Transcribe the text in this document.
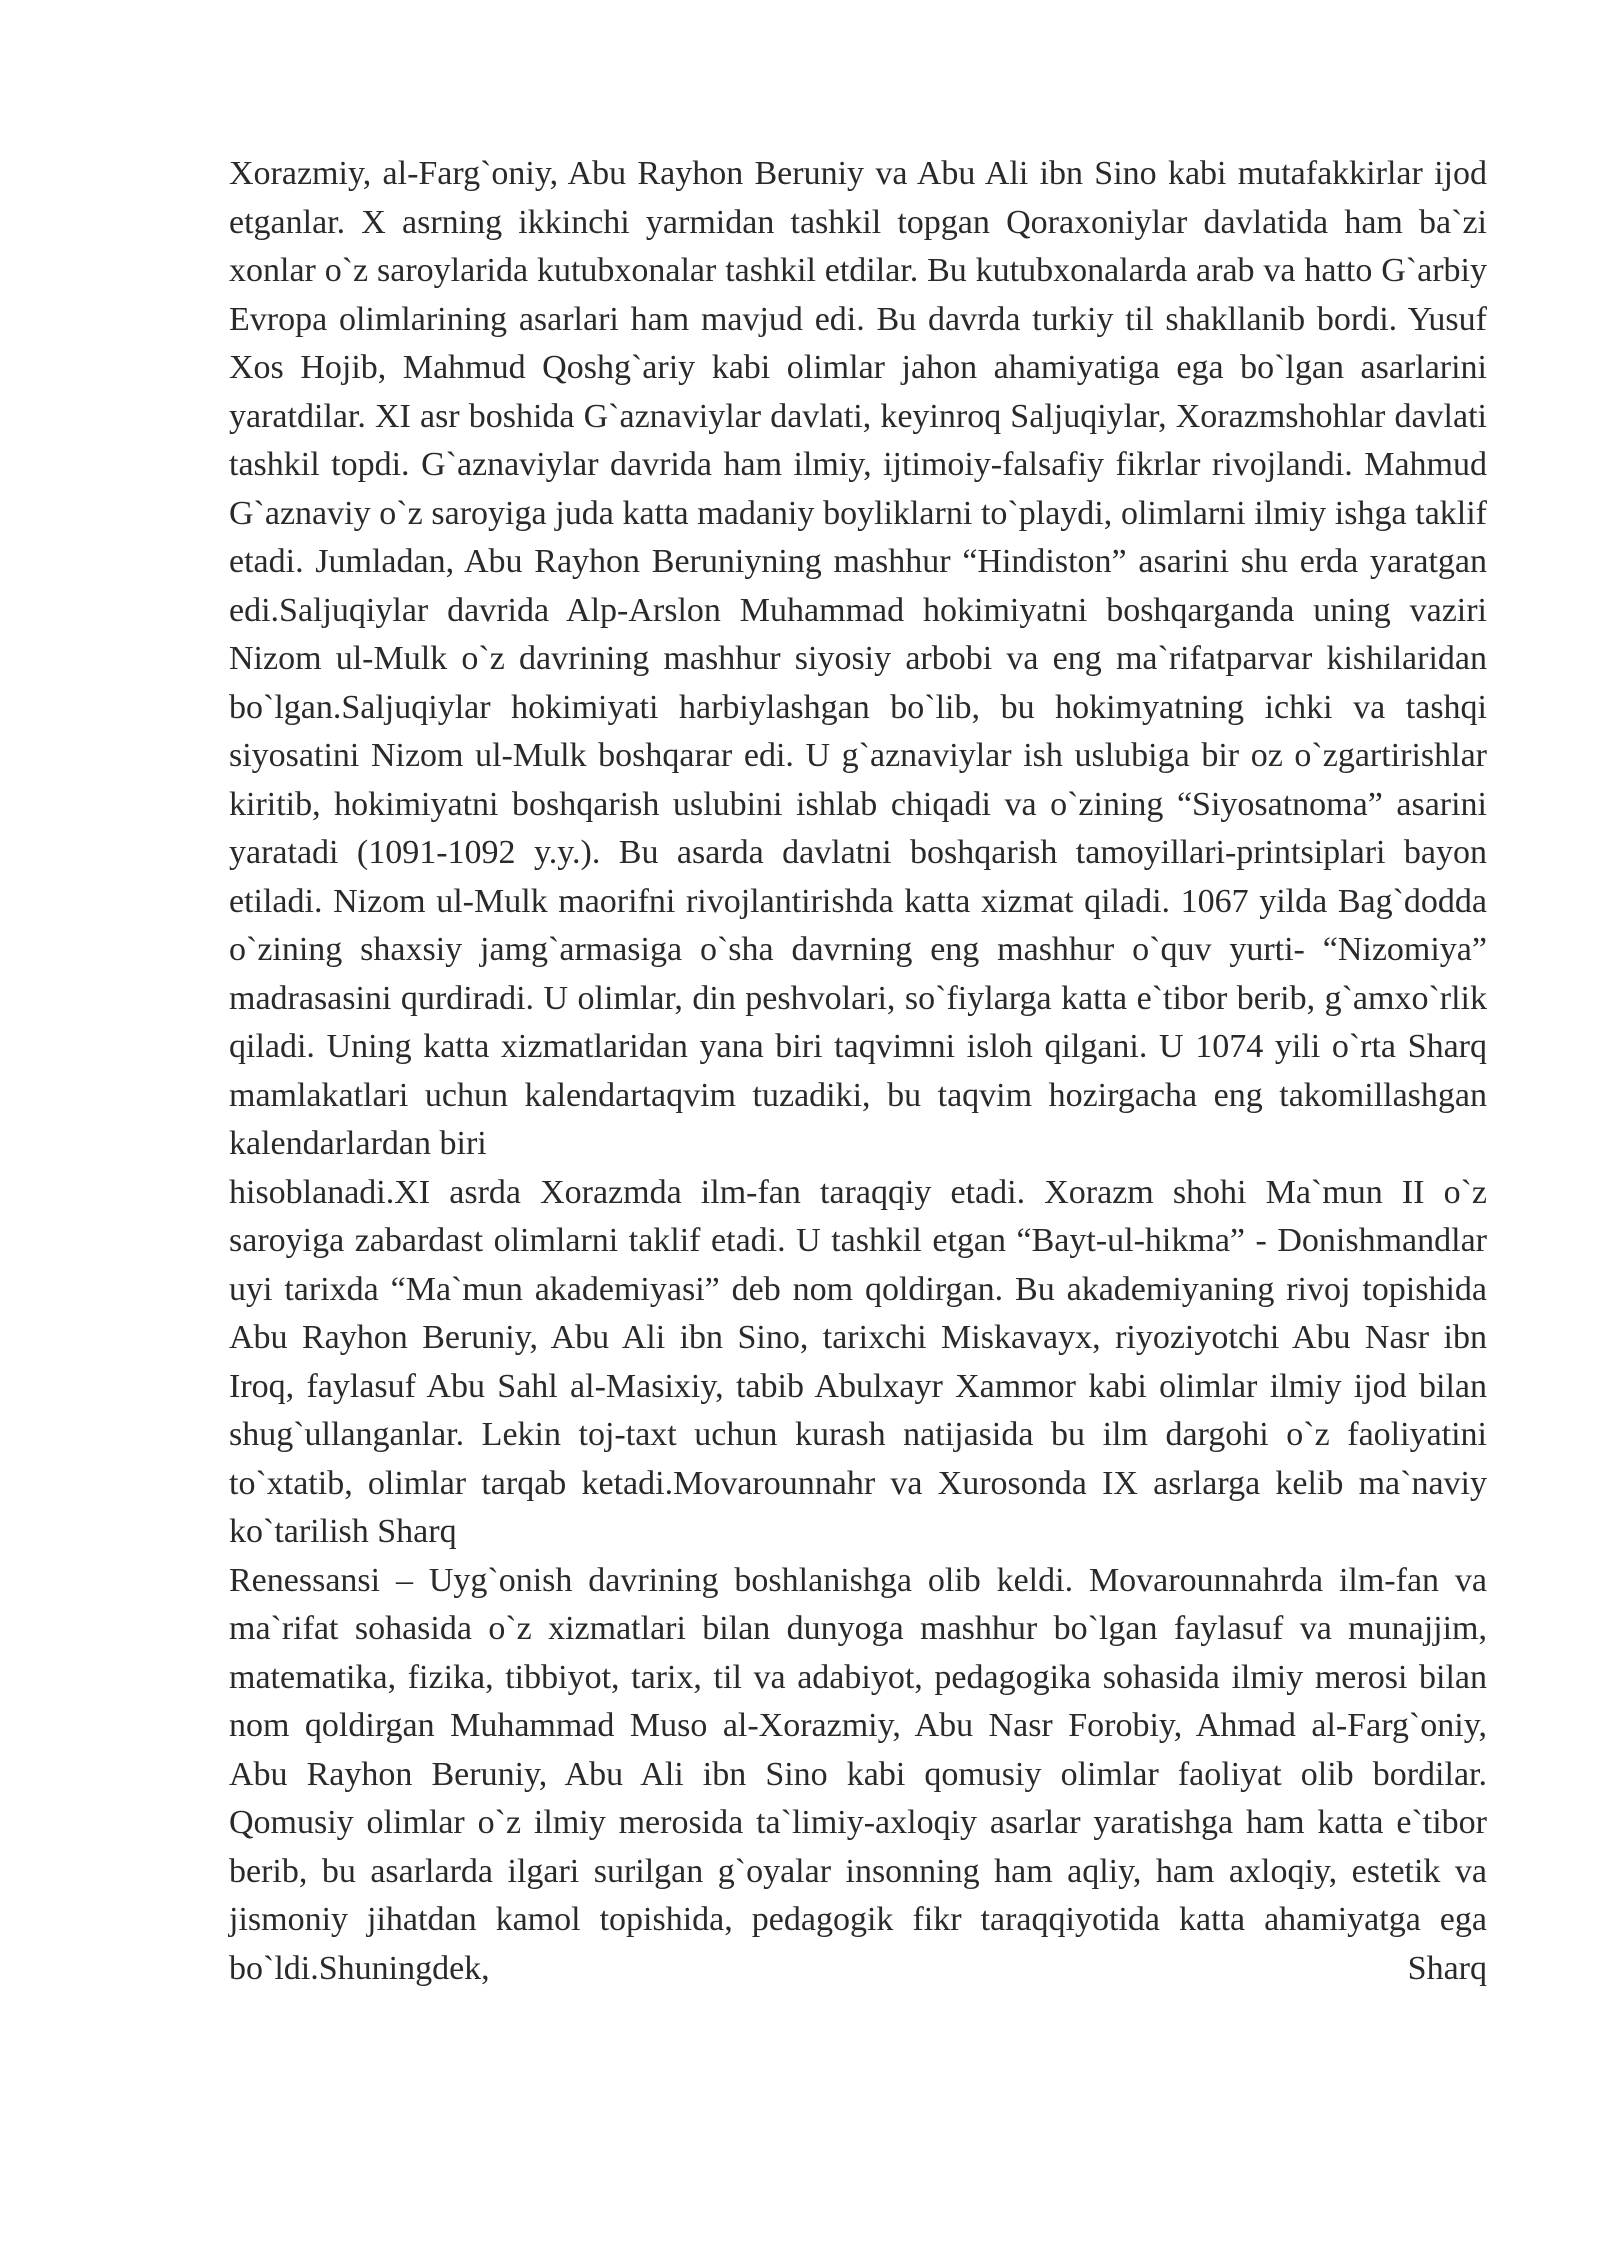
Xorazmiy, al-Farg`oniy, Abu Rayhon Beruniy va Abu Ali ibn Sino kabi mutafakkirlar ijod etganlar. X asrning ikkinchi yarmidan tashkil topgan Qoraxoniylar davlatida ham ba`zi xonlar o`z saroylarida kutubxonalar tashkil etdilar. Bu kutubxonalarda arab va hatto G`arbiy Evropa olimlarining asarlari ham mavjud edi. Bu davrda turkiy til shakllanib bordi. Yusuf Xos Hojib, Mahmud Qoshg`ariy kabi olimlar jahon ahamiyatiga ega bo`lgan asarlarini yaratdilar. XI asr boshida G`aznaviylar davlati, keyinroq Saljuqiylar, Xorazmshohlar davlati tashkil topdi. G`aznaviylar davrida ham ilmiy, ijtimoiy-falsafiy fikrlar rivojlandi. Mahmud G`aznaviy o`z saroyiga juda katta madaniy boyliklarni to`playdi, olimlarni ilmiy ishga taklif etadi. Jumladan, Abu Rayhon Beruniyning mashhur “Hindiston” asarini shu erda yaratgan edi.Saljuqiylar davrida Alp-Arslon Muhammad hokimiyatni boshqarganda uning vaziri Nizom ul-Mulk o`z davrining mashhur siyosiy arbobi va eng ma`rifatparvar kishilaridan bo`lgan.Saljuqiylar hokimiyati harbiylashgan bo`lib, bu hokimyatning ichki va tashqi siyosatini Nizom ul-Mulk boshqarar edi. U g`aznaviylar ish uslubiga bir oz o`zgartirishlar kiritib, hokimiyatni boshqarish uslubini ishlab chiqadi va o`zining “Siyosatnoma” asarini yaratadi (1091-1092 y.y.). Bu asarda davlatni boshqarish tamoyillari-printsiplari bayon etiladi. Nizom ul-Mulk maorifni rivojlantirishda katta xizmat qiladi. 1067 yilda Bag`dodda o`zining shaxsiy jamg`armasiga o`sha davrning eng mashhur o`quv yurti- “Nizomiya” madrasasini qurdiradi. U olimlar, din peshvolari, so`fiylarga katta e`tibor berib, g`amxo`rlik qiladi. Uning katta xizmatlaridan yana biri taqvimni isloh qilgani. U 1074 yili o`rta Sharq mamlakatlari uchun kalendartaqvim tuzadiki, bu taqvim hozirgacha eng takomillashgan kalendarlardan biri

hisoblanadi.XI asrda Xorazmda ilm-fan taraqqiy etadi. Xorazm shohi Ma`mun II o`z saroyiga zabardast olimlarni taklif etadi. U tashkil etgan “Bayt-ul-hikma” - Donishmandlar uyi tarixda “Ma`mun akademiyasi” deb nom qoldirgan. Bu akademiyaning rivoj topishida Abu Rayhon Beruniy, Abu Ali ibn Sino, tarixchi Miskavayx, riyoziyotchi Abu Nasr ibn Iroq, faylasuf Abu Sahl al-Masixiy, tabib Abulxayr Xammor kabi olimlar ilmiy ijod bilan shug`ullanganlar. Lekin toj-taxt uchun kurash natijasida bu ilm dargohi o`z faoliyatini to`xtatib, olimlar tarqab ketadi.Movarounnahr va Xurosonda IX asrlarga kelib ma`naviy ko`tarilish Sharq

Renessansi – Uyg`onish davrining boshlanishga olib keldi. Movarounnahrda ilm-fan va ma`rifat sohasida o`z xizmatlari bilan dunyoga mashhur bo`lgan faylasuf va munajjim, matematika, fizika, tibbiyot, tarix, til va adabiyot, pedagogika sohasida ilmiy merosi bilan nom qoldirgan Muhammad Muso al-Xorazmiy, Abu Nasr Forobiy, Ahmad al-Farg`oniy, Abu Rayhon Beruniy, Abu Ali ibn Sino kabi qomusiy olimlar faoliyat olib bordilar. Qomusiy olimlar o`z ilmiy merosida ta`limiy-axloqiy asarlar yaratishga ham katta e`tibor berib, bu asarlarda ilgari surilgan g`oyalar insonning ham aqliy, ham axloqiy, estetik va jismoniy jihatdan kamol topishida, pedagogik fikr taraqqiyotida katta ahamiyatga ega bo`ldi.Shuningdek, Sharq
